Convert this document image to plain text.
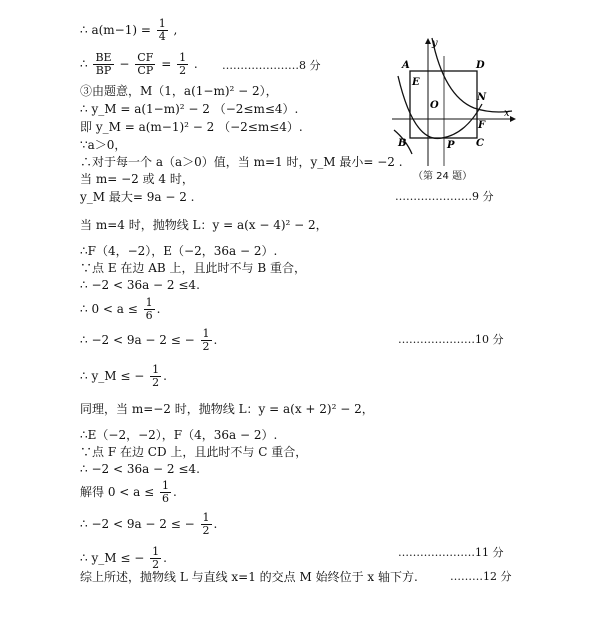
∴ $a(m-1) = \frac{1}{4}$ ,
∴ $\frac{BE}{BP} - \frac{CF}{CP} = \frac{1}{2}$ . …………………8 分
③由题意，M（1，a(1−m)² − 2），
∴ y_M = a(1−m)² − 2 （−2≤m≤4）.
即 y_M = a(m−1)² − 2 （−2≤m≤4）.
∵a＞0，
∴对于每一个 a（a＞0）值，当 m=1 时，y_M 最小= −2 .
当 m= −2 或 4 时，
y_M 最大= 9a − 2 .	…………………9 分
当 m=4 时，抛物线 L：y = a(x − 4)² − 2，
∴F（4，−2），E（−2，36a − 2）.
∵点 E 在边 AB 上，且此时不与 B 重合，
∴ −2 < 36a − 2 ≤4.
∴ $0 < a \le \frac{1}{6}$ .
∴ −2 < 9a − 2 ≤ − $\frac{1}{2}$ .	…………………10 分
∴ y_M ≤ − $\frac{1}{2}$ .
同理，当 m=−2 时，抛物线 L：y = a(x + 2)² − 2，
∴E（−2，−2），F（4，36a − 2）.
∵点 F 在边 CD 上，且此时不与 C 重合，
∴ −2 < 36a − 2 ≤4.
解得 $0 < a \le \frac{1}{6}$ .
∴ −2 < 9a − 2 ≤ − $\frac{1}{2}$ .
∴ y_M ≤ − $\frac{1}{2}$ .	…………………11 分
综上所述，抛物线 L 与直线 x=1 的交点 M 始终位于 x 轴下方.	………12 分
A	D
E
N
O
F
B	P C
x
y
（第 24 题）
